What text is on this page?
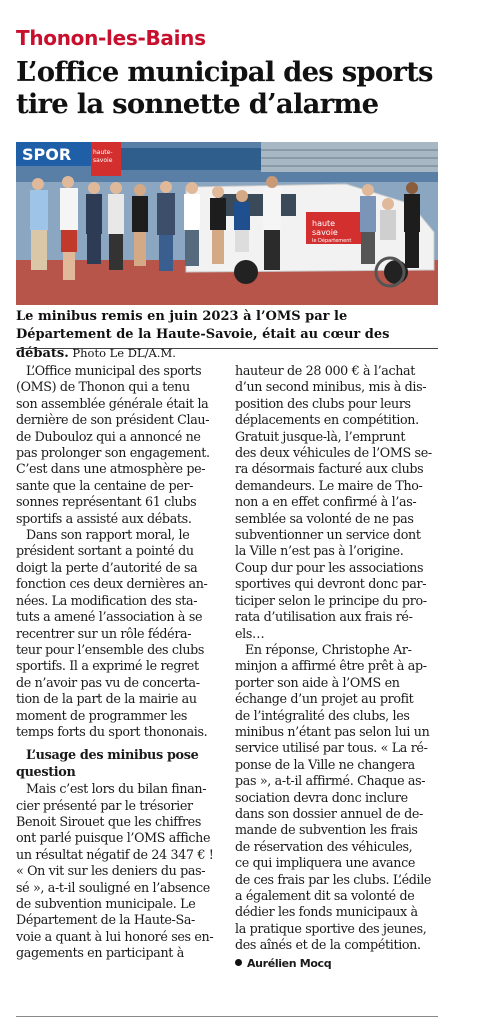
Thonon-les-Bains
L’office municipal des sports
tire la sonnette d’alarme
SPOR	haute-
savoie
haute
savoie
le Département

Le minibus remis en juin 2023 à l’OMS par le Département de la Haute-Savoie, était au cœur des débats. Photo Le DL/A.M.

L’Office municipal des sports
(OMS) de Thonon qui a tenu
son assemblée générale était la
dernière de son président Clau-
de Dubouloz qui a annoncé ne
pas prolonger son engagement.
C’est dans une atmosphère pe-
sante que la centaine de per-
sonnes représentant 61 clubs
sportifs a assisté aux débats.
Dans son rapport moral, le
président sortant a pointé du
doigt la perte d’autorité de sa
fonction ces deux dernières an-
nées. La modification des sta-
tuts a amené l’association à se
recentrer sur un rôle fédéra-
teur pour l’ensemble des clubs
sportifs. Il a exprimé le regret
de n’avoir pas vu de concerta-
tion de la part de la mairie au
moment de programmer les
temps forts du sport thononais.
L’usage des minibus pose
question
Mais c’est lors du bilan finan-
cier présenté par le trésorier
Benoit Sirouet que les chiffres
ont parlé puisque l’OMS affiche
un résultat négatif de 24 347 € !
« On vit sur les deniers du pas-
sé », a-t-il souligné en l’absence
de subvention municipale. Le
Département de la Haute-Sa-
voie a quant à lui honoré ses en-
gagements en participant à
hauteur de 28 000 € à l’achat
d’un second minibus, mis à dis-
position des clubs pour leurs
déplacements en compétition.
Gratuit jusque-là, l’emprunt
des deux véhicules de l’OMS se-
ra désormais facturé aux clubs
demandeurs. Le maire de Tho-
non a en effet confirmé à l’as-
semblée sa volonté de ne pas
subventionner un service dont
la Ville n’est pas à l’origine.
Coup dur pour les associations
sportives qui devront donc par-
ticiper selon le principe du pro-
rata d’utilisation aux frais ré-
els…
En réponse, Christophe Ar-
minjon a affirmé être prêt à ap-
porter son aide à l’OMS en
échange d’un projet au profit
de l’intégralité des clubs, les
minibus n’étant pas selon lui un
service utilisé par tous. « La ré-
ponse de la Ville ne changera
pas », a-t-il affirmé. Chaque as-
sociation devra donc inclure
dans son dossier annuel de de-
mande de subvention les frais
de réservation des véhicules,
ce qui impliquera une avance
de ces frais par les clubs. L’édile
a également dit sa volonté de
dédier les fonds municipaux à
la pratique sportive des jeunes,
des aînés et de la compétition.
Aurélien Mocq
